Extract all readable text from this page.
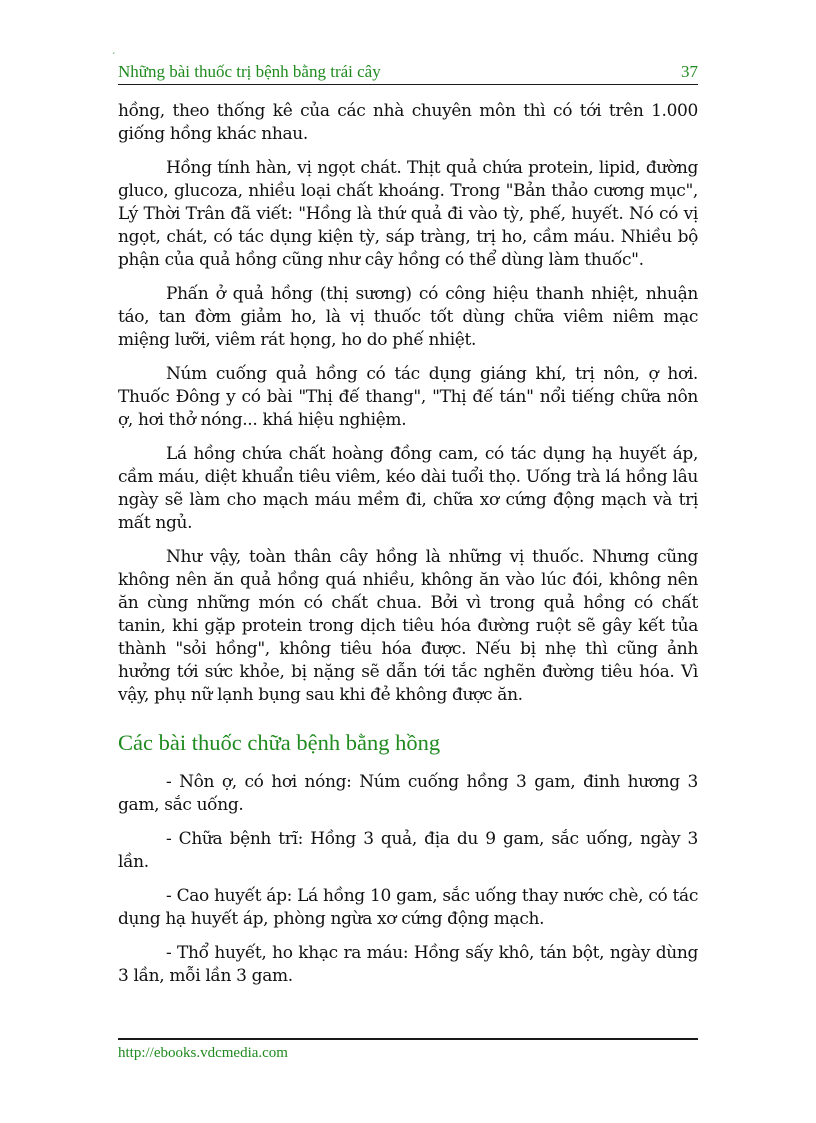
´
Những bài thuốc trị bệnh bằng trái cây	37

hồng, theo thống kê của các nhà chuyên môn thì có tới trên 1.000 giống hồng khác nhau.

Hồng tính hàn, vị ngọt chát. Thịt quả chứa protein, lipid, đường gluco, glucoza, nhiều loại chất khoáng. Trong "Bản thảo cương mục", Lý Thời Trân đã viết: "Hồng là thứ quả đi vào tỳ, phế, huyết. Nó có vị ngọt, chát, có tác dụng kiện tỳ, sáp tràng, trị ho, cầm máu. Nhiều bộ phận của quả hồng cũng như cây hồng có thể dùng làm thuốc".

Phấn ở quả hồng (thị sương) có công hiệu thanh nhiệt, nhuận táo, tan đờm giảm ho, là vị thuốc tốt dùng chữa viêm niêm mạc miệng lưỡi, viêm rát họng, ho do phế nhiệt.

Núm cuống quả hồng có tác dụng giáng khí, trị nôn, ợ hơi. Thuốc Đông y có bài "Thị đế thang", "Thị đế tán" nổi tiếng chữa nôn ợ, hơi thở nóng... khá hiệu nghiệm.

Lá hồng chứa chất hoàng đồng cam, có tác dụng hạ huyết áp, cầm máu, diệt khuẩn tiêu viêm, kéo dài tuổi thọ. Uống trà lá hồng lâu ngày sẽ làm cho mạch máu mềm đi, chữa xơ cứng động mạch và trị mất ngủ.

Như vậy, toàn thân cây hồng là những vị thuốc. Nhưng cũng không nên ăn quả hồng quá nhiều, không ăn vào lúc đói, không nên ăn cùng những món có chất chua. Bởi vì trong quả hồng có chất tanin, khi gặp protein trong dịch tiêu hóa đường ruột sẽ gây kết tủa thành "sỏi hồng", không tiêu hóa được. Nếu bị nhẹ thì cũng ảnh hưởng tới sức khỏe, bị nặng sẽ dẫn tới tắc nghẽn đường tiêu hóa. Vì vậy, phụ nữ lạnh bụng sau khi đẻ không được ăn.

Các bài thuốc chữa bệnh bằng hồng

- Nôn ợ, có hơi nóng: Núm cuống hồng 3 gam, đinh hương 3 gam, sắc uống.

- Chữa bệnh trĩ: Hồng 3 quả, địa du 9 gam, sắc uống, ngày 3 lần.

- Cao huyết áp: Lá hồng 10 gam, sắc uống thay nước chè, có tác dụng hạ huyết áp, phòng ngừa xơ cứng động mạch.

- Thổ huyết, ho khạc ra máu: Hồng sấy khô, tán bột, ngày dùng 3 lần, mỗi lần 3 gam.

http://ebooks.vdcmedia.com
